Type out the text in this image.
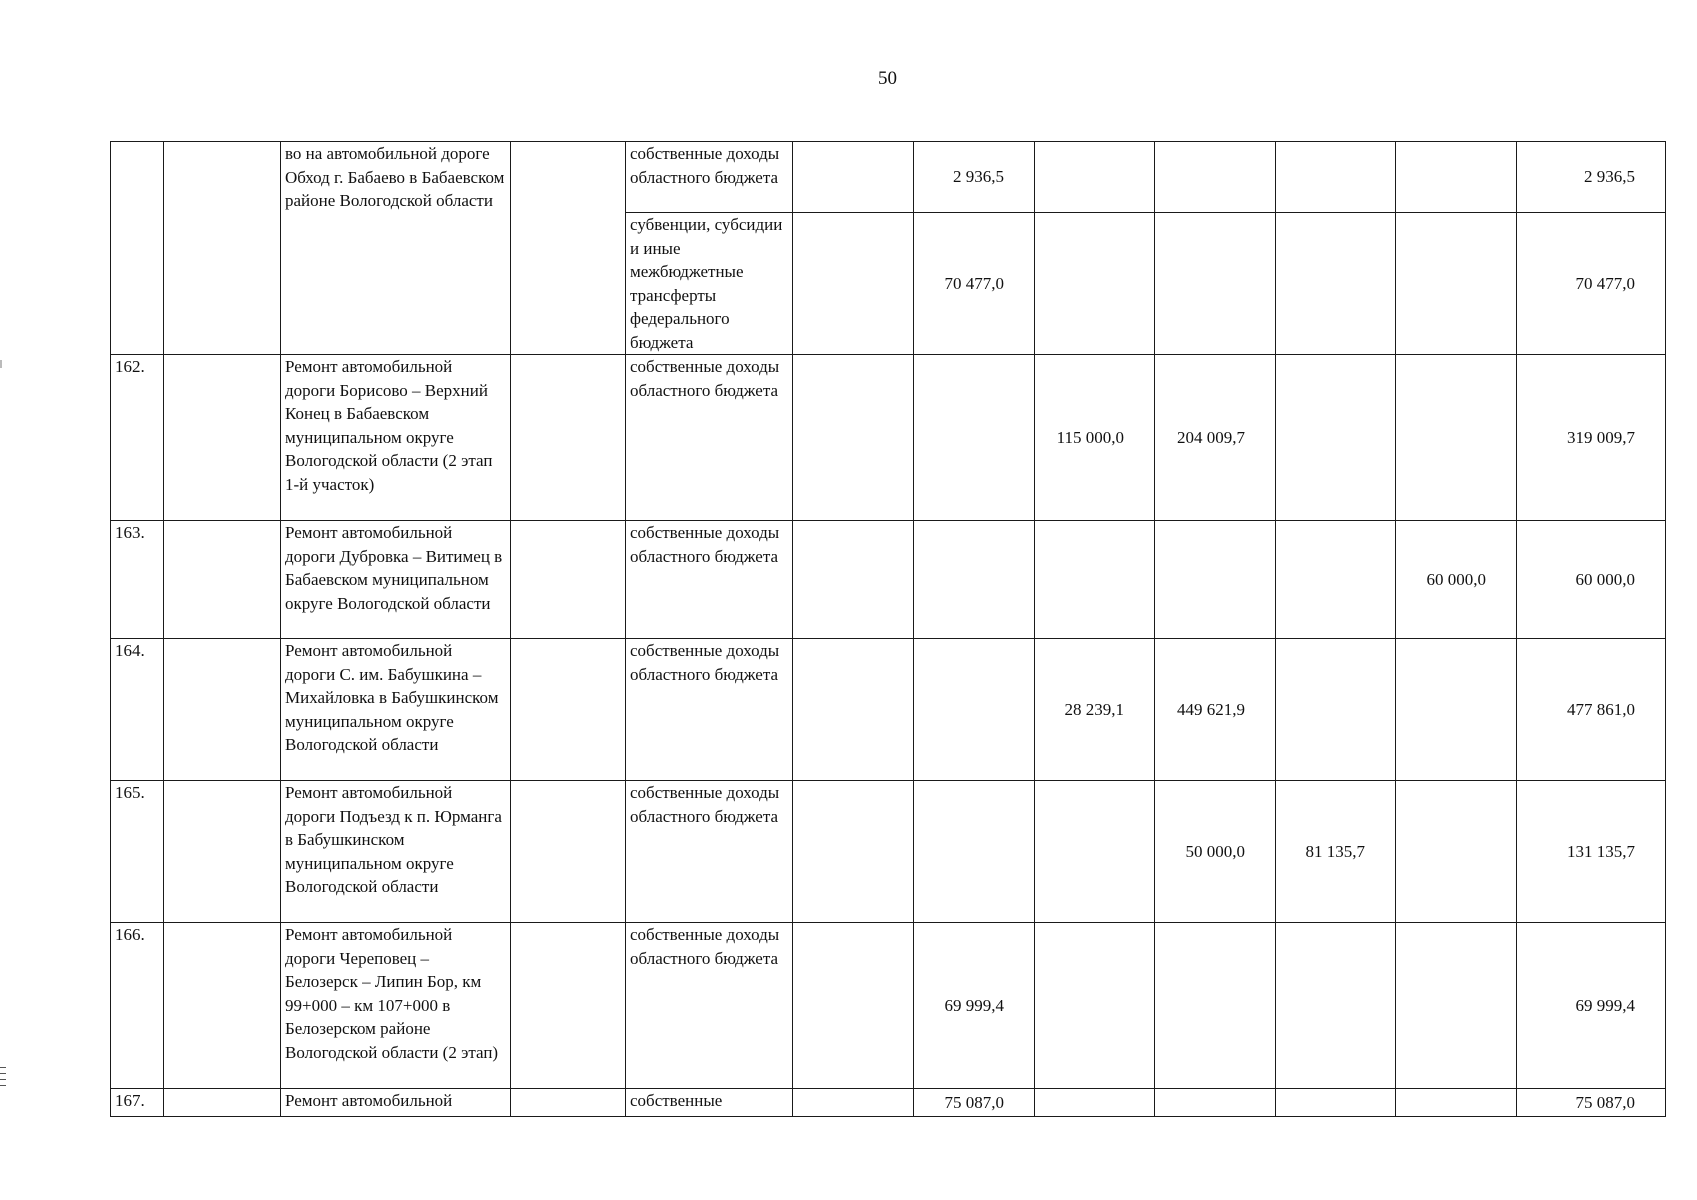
50
		во на автомобильной дороге Обход г. Бабаево в Бабаевском районе Вологодской области		собственные доходы областного бюджета		2 936,5					2 936,5
				субвенции, субсидии и иные межбюджетные трансферты федерального бюджета		70 477,0					70 477,0
162.		Ремонт автомобильной дороги Борисово – Верхний Конец в Бабаевском муниципальном округе Вологодской области (2 этап 1-й участок)		собственные доходы областного бюджета			115 000,0	204 009,7			319 009,7
163.		Ремонт автомобильной дороги Дубровка – Витимец в Бабаевском муниципальном округе Вологодской области		собственные доходы областного бюджета						60 000,0	60 000,0
164.		Ремонт автомобильной дороги С. им. Бабушкина – Михайловка в Бабушкинском муниципальном округе Вологодской области		собственные доходы областного бюджета			28 239,1	449 621,9			477 861,0
165.		Ремонт автомобильной дороги Подъезд к п. Юрманга в Бабушкинском муниципальном округе Вологодской области		собственные доходы областного бюджета				50 000,0	81 135,7		131 135,7
166.		Ремонт автомобильной дороги Череповец – Белозерск – Липин Бор, км 99+000 – км 107+000 в Белозерском районе Вологодской области (2 этап)		собственные доходы областного бюджета		69 999,4					69 999,4
167.		Ремонт автомобильной		собственные		75 087,0					75 087,0
